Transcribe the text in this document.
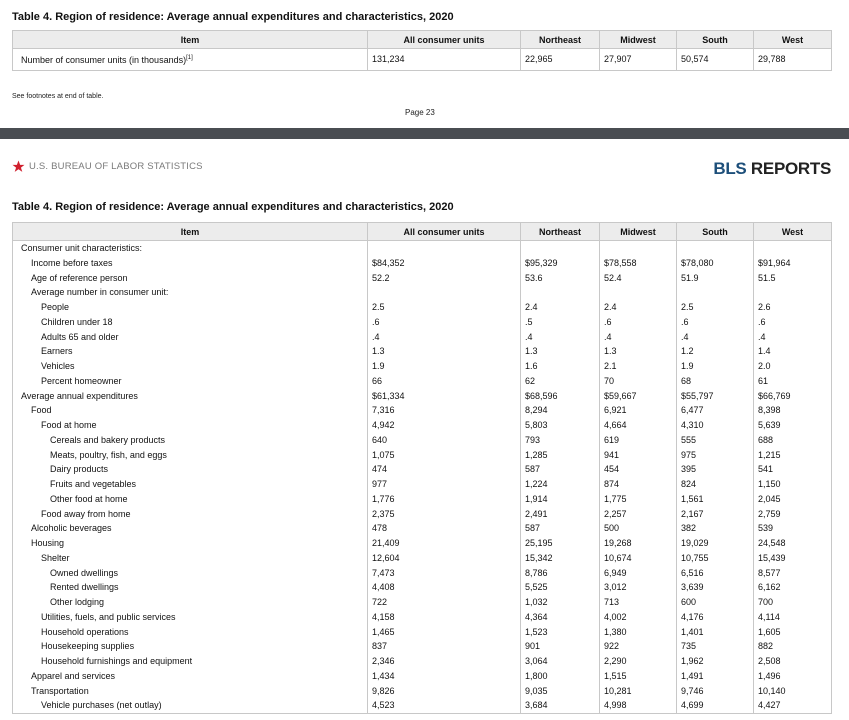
Table 4. Region of residence: Average annual expenditures and characteristics, 2020
Item	All consumer units	Northeast	Midwest	South	West
Number of consumer units (in thousands)[1]	131,234	22,965	27,907	50,574	29,788
See footnotes at end of table.
Page 23
U.S. BUREAU OF LABOR STATISTICS	BLS REPORTS
Table 4. Region of residence: Average annual expenditures and characteristics, 2020
Item	All consumer units	Northeast	Midwest	South	West
Consumer unit characteristics:					
Income before taxes	$84,352	$95,329	$78,558	$78,080	$91,964
Age of reference person	52.2	53.6	52.4	51.9	51.5
Average number in consumer unit:					
People	2.5	2.4	2.4	2.5	2.6
Children under 18	.6	.5	.6	.6	.6
Adults 65 and older	.4	.4	.4	.4	.4
Earners	1.3	1.3	1.3	1.2	1.4
Vehicles	1.9	1.6	2.1	1.9	2.0
Percent homeowner	66	62	70	68	61
Average annual expenditures	$61,334	$68,596	$59,667	$55,797	$66,769
Food	7,316	8,294	6,921	6,477	8,398
Food at home	4,942	5,803	4,664	4,310	5,639
Cereals and bakery products	640	793	619	555	688
Meats, poultry, fish, and eggs	1,075	1,285	941	975	1,215
Dairy products	474	587	454	395	541
Fruits and vegetables	977	1,224	874	824	1,150
Other food at home	1,776	1,914	1,775	1,561	2,045
Food away from home	2,375	2,491	2,257	2,167	2,759
Alcoholic beverages	478	587	500	382	539
Housing	21,409	25,195	19,268	19,029	24,548
Shelter	12,604	15,342	10,674	10,755	15,439
Owned dwellings	7,473	8,786	6,949	6,516	8,577
Rented dwellings	4,408	5,525	3,012	3,639	6,162
Other lodging	722	1,032	713	600	700
Utilities, fuels, and public services	4,158	4,364	4,002	4,176	4,114
Household operations	1,465	1,523	1,380	1,401	1,605
Housekeeping supplies	837	901	922	735	882
Household furnishings and equipment	2,346	3,064	2,290	1,962	2,508
Apparel and services	1,434	1,800	1,515	1,491	1,496
Transportation	9,826	9,035	10,281	9,746	10,140
Vehicle purchases (net outlay)	4,523	3,684	4,998	4,699	4,427
